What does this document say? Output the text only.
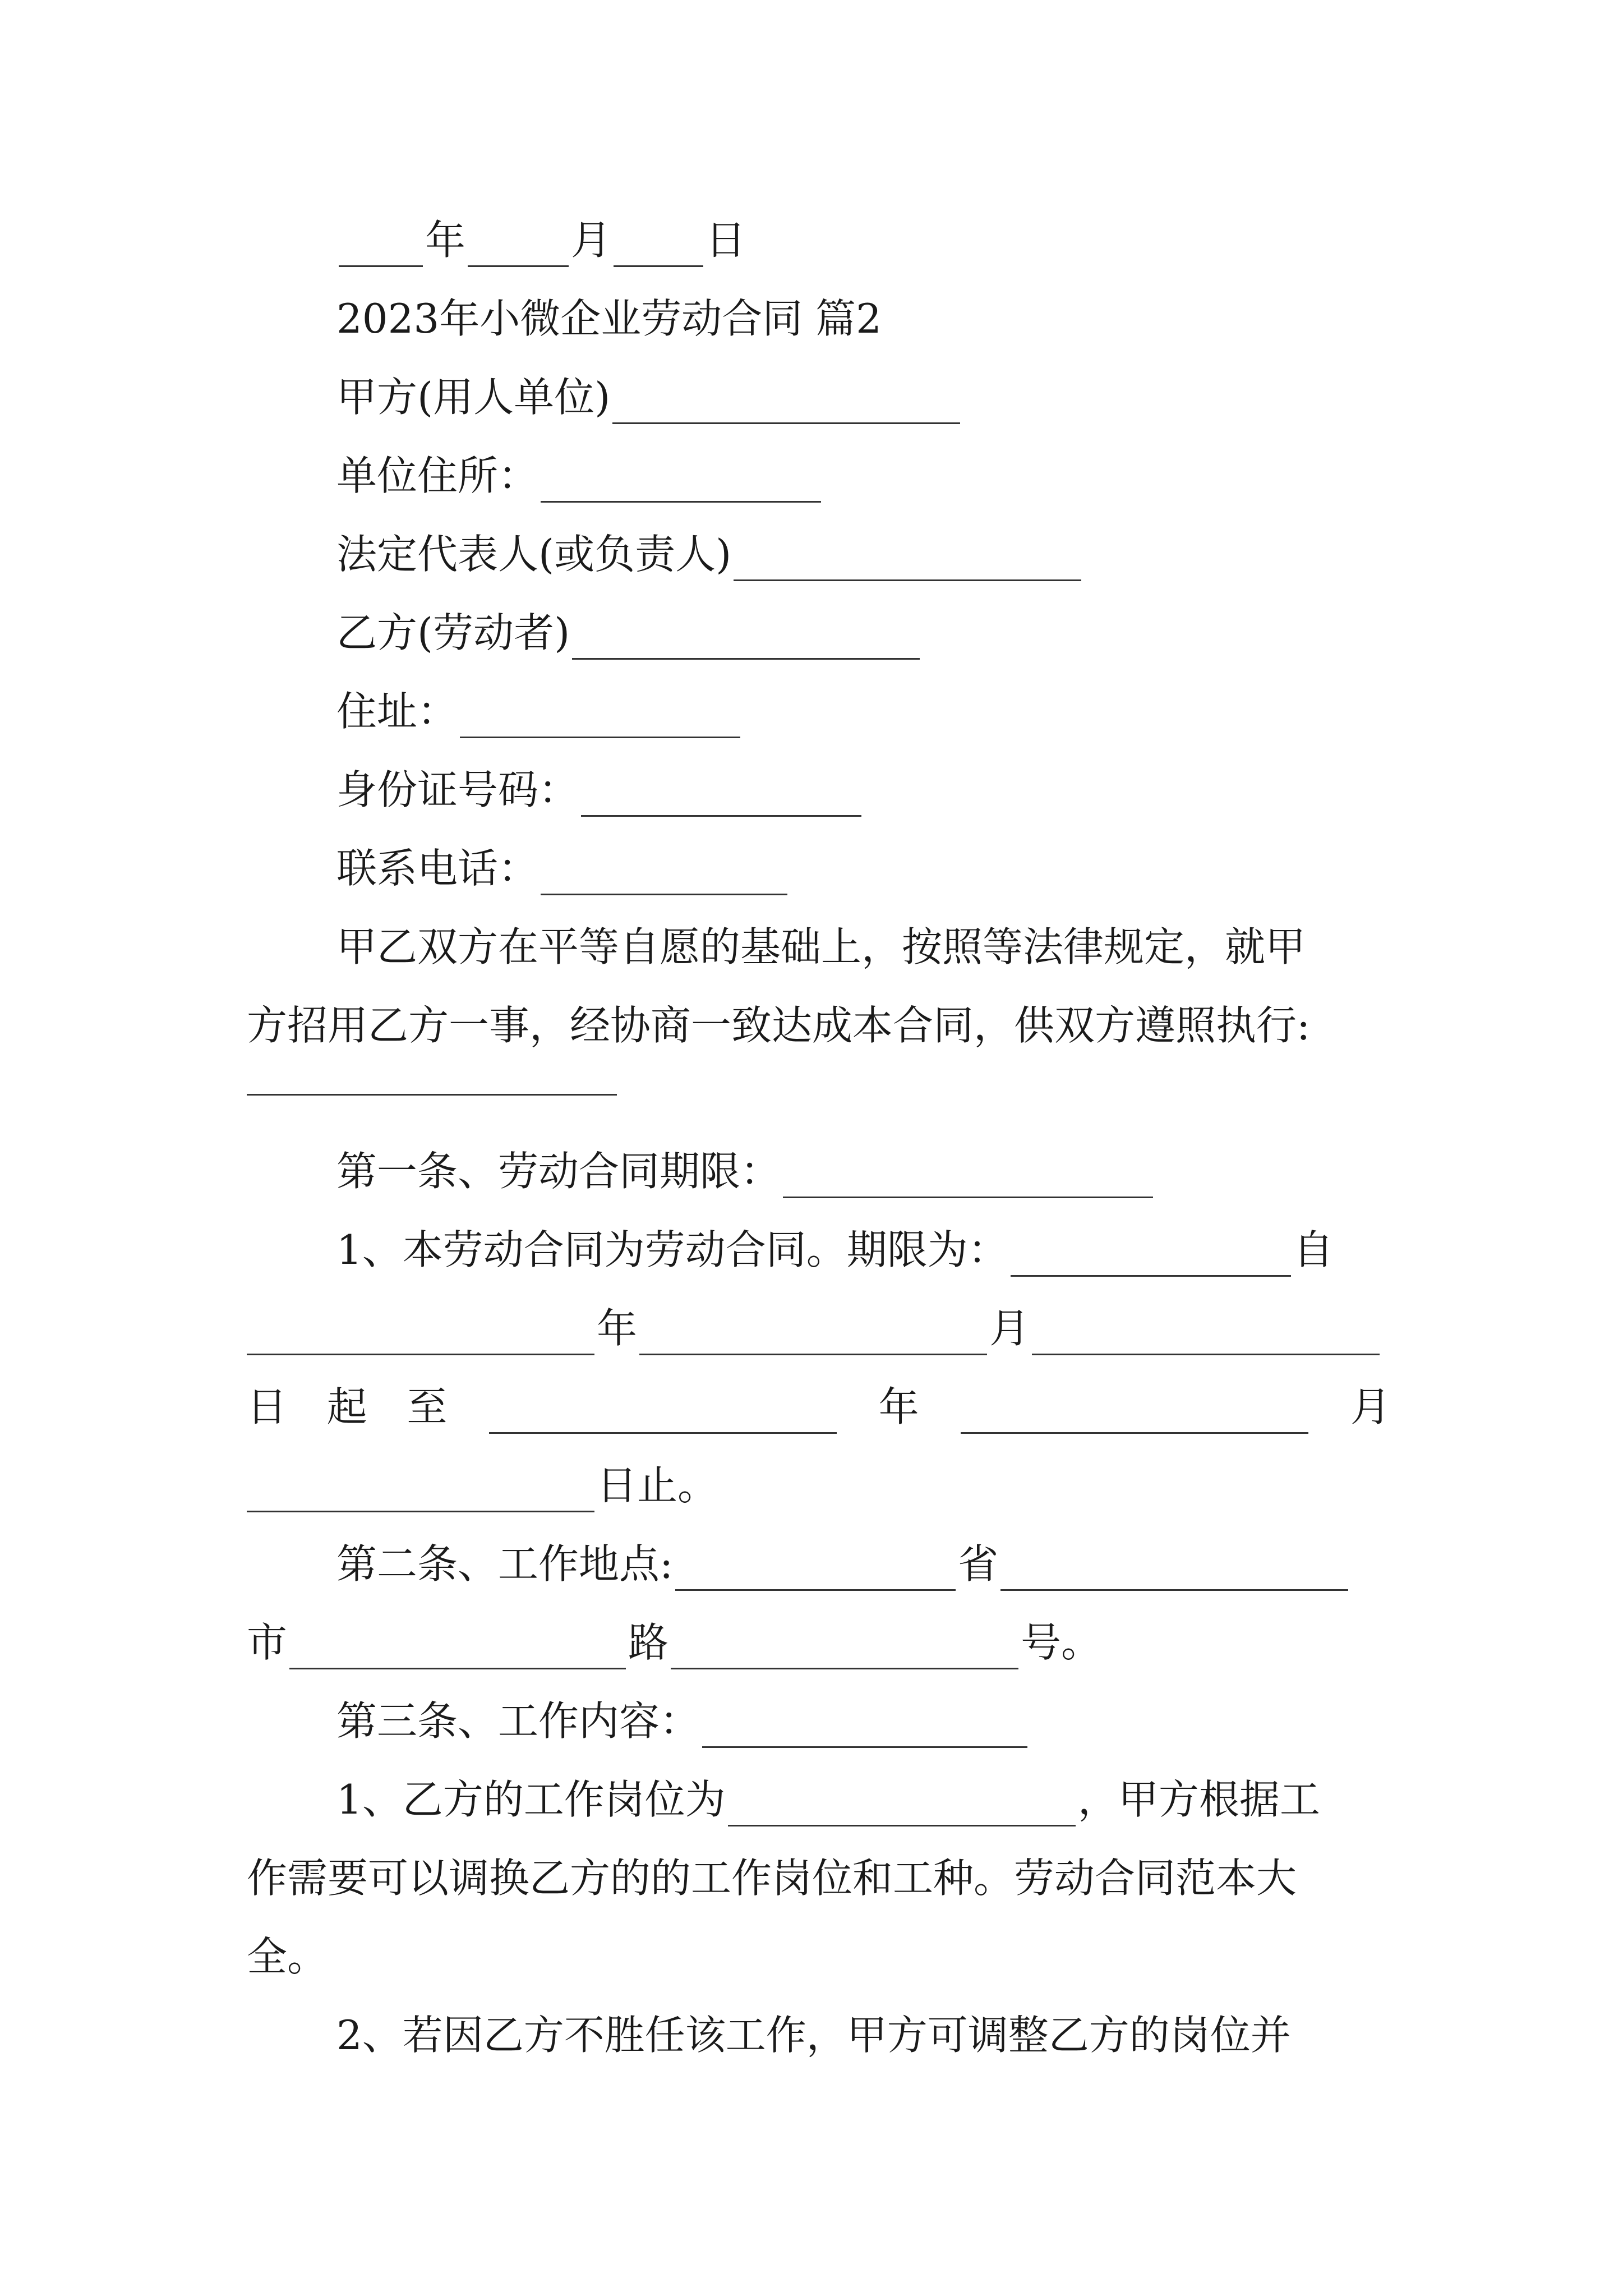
年	月 日
2023年小微企业劳动合同 篇2
甲方(用人单位)
单位住所：
法定代表人(或负责人)
乙方(劳动者)
住址：
身份证号码：
联系电话：
甲乙双方在平等自愿的基础上，按照等法律规定，就甲
方招用乙方一事，经协商一致达成本合同，供双方遵照执行:
第一条、劳动合同期限：
1、本劳动合同为劳动合同。期限为：	自
年	月
日 起 至	年	月
日止。
第二条、工作地点:	省
市	路	号。
第三条、工作内容：
1、乙方的工作岗位为	，甲方根据工
作需要可以调换乙方的的工作岗位和工种。劳动合同范本大
全。
2、若因乙方不胜任该工作，甲方可调整乙方的岗位并
